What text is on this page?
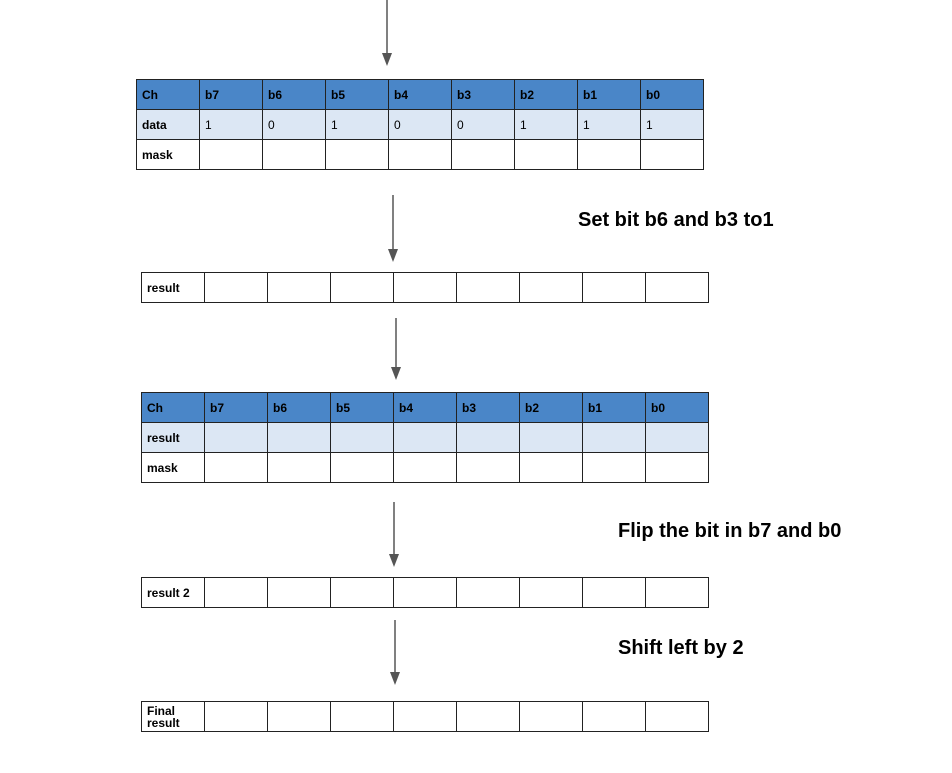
Ch	b7	b6	b5	b4	b3	b2	b1	b0
data	1	0	1	0	0	1	1	1
mask								
Set bit b6 and b3 to1
result								
Ch	b7	b6	b5	b4	b3	b2	b1	b0
result								
mask								
Flip the bit in b7 and b0
result 2								
Shift left by 2
Final result								
